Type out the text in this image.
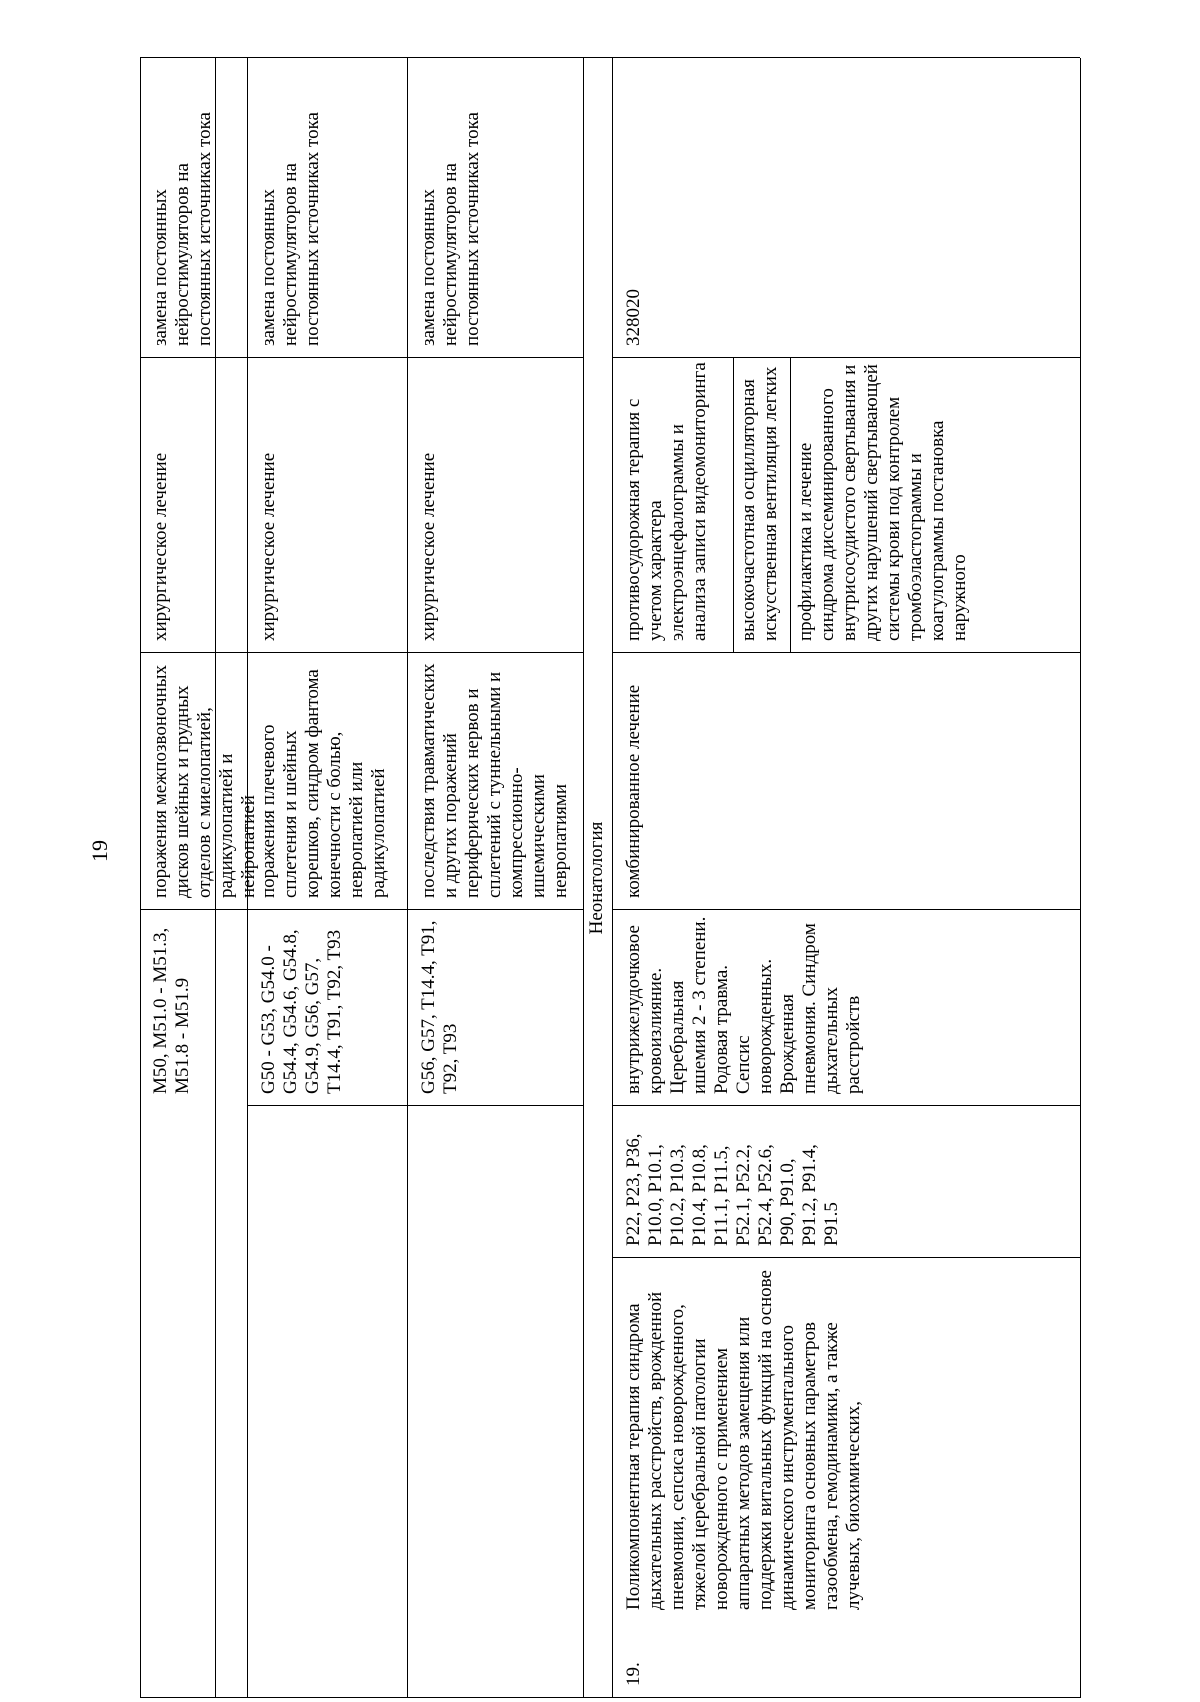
19

M50, M51.0 - M51.3, M51.8 - M51.9

поражения межпозвоночных дисков шейных и грудных отделов с миелопатией, радикулопатией и нейропатией

хирургическое лечение

замена постоянных нейростимуляторов на постоянных источниках тока

G50 - G53, G54.0 - G54.4, G54.6, G54.8, G54.9, G56, G57, T14.4, T91, T92, T93

поражения плечевого сплетения и шейных корешков, синдром фантома конечности с болью, невропатией или радикулопатией

хирургическое лечение

замена постоянных нейростимуляторов на постоянных источниках тока

G56, G57, T14.4, T91, T92, T93

последствия травматических и других поражений периферических нервов и сплетений с туннельными и компрессионно-ишемическими невропатиями

хирургическое лечение

замена постоянных нейростимуляторов на постоянных источниках тока

Неонатология

19.

Поликомпонентная терапия синдрома дыхательных расстройств, врожденной пневмонии, сепсиса новорожденного, тяжелой церебральной патологии новорожденного с применением аппаратных методов замещения или поддержки витальных функций на основе динамического инструментального мониторинга основных параметров газообмена, гемодинамики, а также лучевых, биохимических,

P22, P23, P36, P10.0, P10.1, P10.2, P10.3, P10.4, P10.8, P11.1, P11.5, P52.1, P52.2, P52.4, P52.6, P90, P91.0, P91.2, P91.4, P91.5

внутрижелудочковое кровоизлияние. Церебральная ишемия 2 - 3 степени. Родовая травма. Сепсис новорожденных. Врожденная пневмония. Синдром дыхательных расстройств

комбинированное лечение

противосудорожная терапия с учетом характера электроэнцефалограммы и анализа записи видеомониторинга высокочастотная осцилляторная искусственная вентиляция легких профилактика и лечение синдрома диссеминированного внутрисосудистого свертывания и других нарушений свертывающей системы крови под контролем тромбоэластограммы и коагулограммы постановка наружного

328020
